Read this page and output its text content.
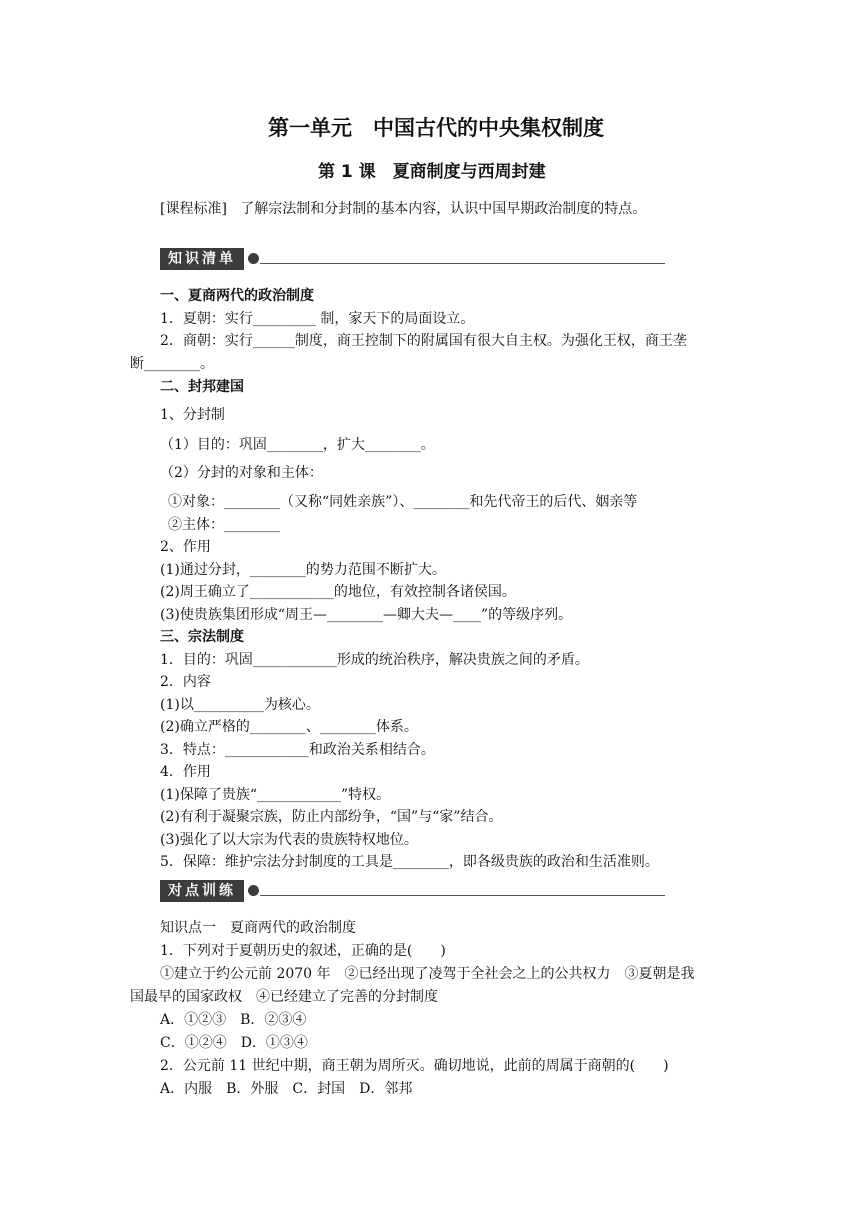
第一单元　中国古代的中央集权制度
第 1 课　夏商制度与西周封建
[课程标准] 了解宗法制和分封制的基本内容，认识中国早期政治制度的特点。
知识清单
一、夏商两代的政治制度
1．夏朝：实行_________ 制，家天下的局面设立。
2．商朝：实行______制度，商王控制下的附属国有很大自主权。为强化王权，商王垄
断________。
二、封邦建国
1、分封制
（1）目的：巩固________，扩大________。
（2）分封的对象和主体：
①对象：________（又称“同姓亲族”）、________和先代帝王的后代、姻亲等
②主体：________
2、作用
(1)通过分封，________的势力范围不断扩大。
(2)周王确立了____________的地位，有效控制各诸侯国。
(3)使贵族集团形成“周王—________—卿大夫—____”的等级序列。
三、宗法制度
1．目的：巩固____________形成的统治秩序，解决贵族之间的矛盾。
2．内容
(1)以__________为核心。
(2)确立严格的________、________体系。
3．特点：____________和政治关系相结合。
4．作用
(1)保障了贵族“____________”特权。
(2)有利于凝聚宗族，防止内部纷争，“国”与“家”结合。
(3)强化了以大宗为代表的贵族特权地位。
5．保障：维护宗法分封制度的工具是________，即各级贵族的政治和生活准则。
对点训练
知识点一　夏商两代的政治制度
1．下列对于夏朝历史的叙述，正确的是(　　)
①建立于约公元前 2070 年　②已经出现了凌驾于全社会之上的公共权力　③夏朝是我
国最早的国家政权　④已经建立了完善的分封制度
A．①②③　B．②③④
C．①②④　D．①③④
2．公元前 11 世纪中期，商王朝为周所灭。确切地说，此前的周属于商朝的(　　)
A．内服　B．外服　C．封国　D．邻邦
